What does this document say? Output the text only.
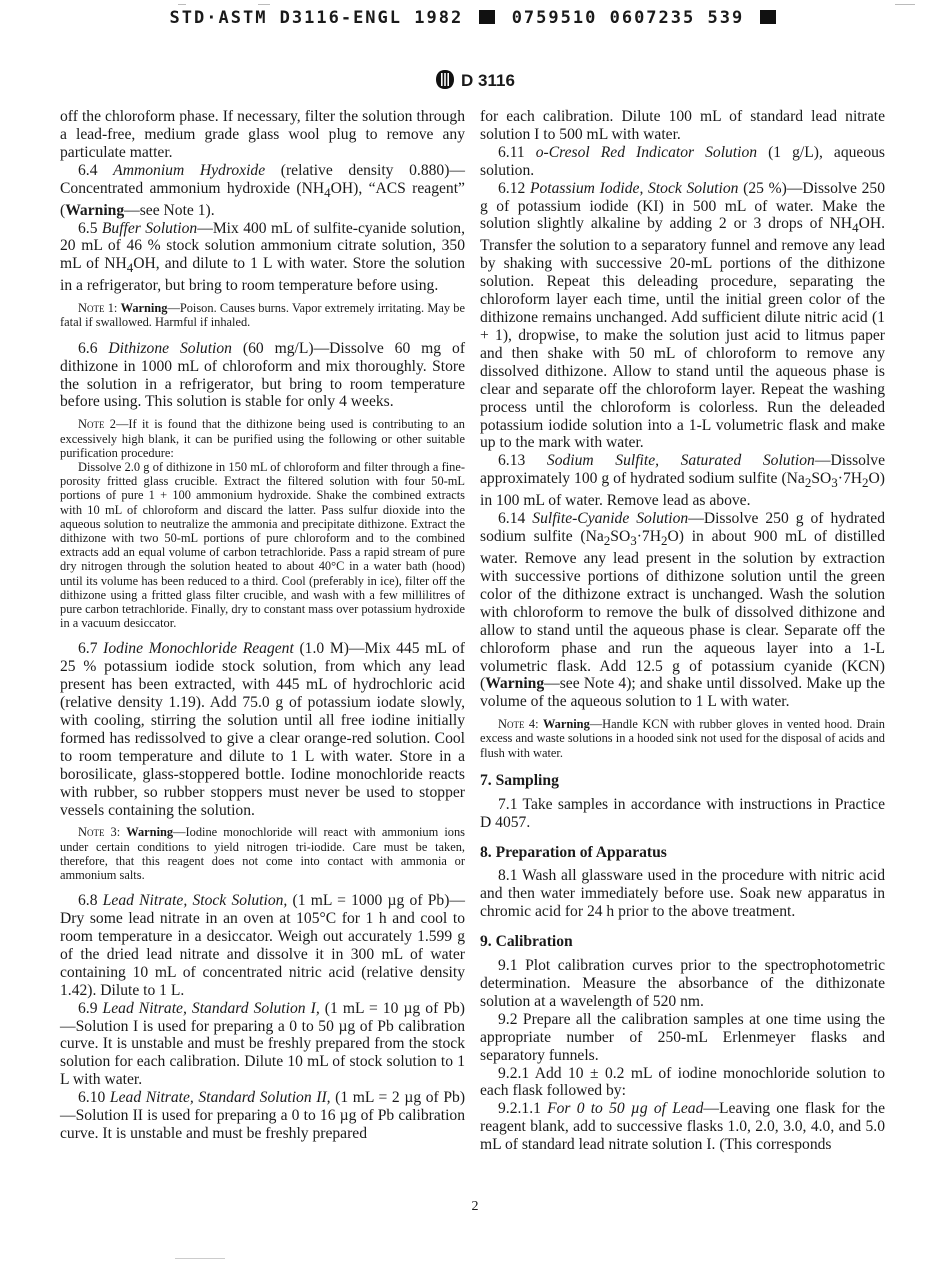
STD·ASTM D3116-ENGL 1982	0759510 0607235 539
D 3116

off the chloroform phase. If necessary, filter the solution through a lead-free, medium grade glass wool plug to remove any particulate matter.

6.4 Ammonium Hydroxide (relative density 0.880)—Concentrated ammonium hydroxide $(NH_4OH)$, “ACS reagent” (Warning—see Note 1).

6.5 Buffer Solution—Mix 400 mL of sulfite-cyanide solution, 20 mL of 46 % stock solution ammonium citrate solution, 350 mL of $NH_4OH$, and dilute to 1 L with water. Store the solution in a refrigerator, but bring to room temperature before using.

Note 1: Warning—Poison. Causes burns. Vapor extremely irritating. May be fatal if swallowed. Harmful if inhaled.

6.6 Dithizone Solution (60 mg/L)—Dissolve 60 mg of dithizone in 1000 mL of chloroform and mix thoroughly. Store the solution in a refrigerator, but bring to room temperature before using. This solution is stable for only 4 weeks.

Note 2—If it is found that the dithizone being used is contributing to an excessively high blank, it can be purified using the following or other suitable purification procedure:

Dissolve 2.0 g of dithizone in 150 mL of chloroform and filter through a fine-porosity fritted glass crucible. Extract the filtered solution with four 50-mL portions of pure 1 + 100 ammonium hydroxide. Shake the combined extracts with 10 mL of chloroform and discard the latter. Pass sulfur dioxide into the aqueous solution to neutralize the ammonia and precipitate dithizone. Extract the dithizone with two 50-mL portions of pure chloroform and to the combined extracts add an equal volume of carbon tetrachloride. Pass a rapid stream of pure dry nitrogen through the solution heated to about 40°C in a water bath (hood) until its volume has been reduced to a third. Cool (preferably in ice), filter off the dithizone using a fritted glass filter crucible, and wash with a few millilitres of pure carbon tetrachloride. Finally, dry to constant mass over potassium hydroxide in a vacuum desiccator.

6.7 Iodine Monochloride Reagent (1.0 M)—Mix 445 mL of 25 % potassium iodide stock solution, from which any lead present has been extracted, with 445 mL of hydrochloric acid (relative density 1.19). Add 75.0 g of potassium iodate slowly, with cooling, stirring the solution until all free iodine initially formed has redissolved to give a clear orange-red solution. Cool to room temperature and dilute to 1 L with water. Store in a borosilicate, glass-stoppered bottle. Iodine monochloride reacts with rubber, so rubber stoppers must never be used to stopper vessels containing the solution.

Note 3: Warning—Iodine monochloride will react with ammonium ions under certain conditions to yield nitrogen tri-iodide. Care must be taken, therefore, that this reagent does not come into contact with ammonia or ammonium salts.

6.8 Lead Nitrate, Stock Solution, (1 mL = 1000 µg of Pb)—Dry some lead nitrate in an oven at 105°C for 1 h and cool to room temperature in a desiccator. Weigh out accurately 1.599 g of the dried lead nitrate and dissolve it in 300 mL of water containing 10 mL of concentrated nitric acid (relative density 1.42). Dilute to 1 L.

6.9 Lead Nitrate, Standard Solution I, (1 mL = 10 µg of Pb)—Solution I is used for preparing a 0 to 50 µg of Pb calibration curve. It is unstable and must be freshly prepared from the stock solution for each calibration. Dilute 10 mL of stock solution to 1 L with water.

6.10 Lead Nitrate, Standard Solution II, (1 mL = 2 µg of Pb)—Solution II is used for preparing a 0 to 16 µg of Pb calibration curve. It is unstable and must be freshly prepared

for each calibration. Dilute 100 mL of standard lead nitrate solution I to 500 mL with water.

6.11 o-Cresol Red Indicator Solution (1 g/L), aqueous solution.

6.12 Potassium Iodide, Stock Solution (25 %)—Dissolve 250 g of potassium iodide (KI) in 500 mL of water. Make the solution slightly alkaline by adding 2 or 3 drops of $NH_4OH$. Transfer the solution to a separatory funnel and remove any lead by shaking with successive 20-mL portions of the dithizone solution. Repeat this deleading procedure, separating the chloroform layer each time, until the initial green color of the dithizone remains unchanged. Add sufficient dilute nitric acid (1 + 1), dropwise, to make the solution just acid to litmus paper and then shake with 50 mL of chloroform to remove any dissolved dithizone. Allow to stand until the aqueous phase is clear and separate off the chloroform layer. Repeat the washing process until the chloroform is colorless. Run the deleaded potassium iodide solution into a 1-L volumetric flask and make up to the mark with water.

6.13 Sodium Sulfite, Saturated Solution—Dissolve approximately 100 g of hydrated sodium sulfite $(Na_2SO_3\cdot 7H_2O)$ in 100 mL of water. Remove lead as above.

6.14 Sulfite-Cyanide Solution—Dissolve 250 g of hydrated sodium sulfite $(Na_2SO_3\cdot 7H_2O)$ in about 900 mL of distilled water. Remove any lead present in the solution by extraction with successive portions of dithizone solution until the green color of the dithizone extract is unchanged. Wash the solution with chloroform to remove the bulk of dissolved dithizone and allow to stand until the aqueous phase is clear. Separate off the chloroform phase and run the aqueous layer into a 1-L volumetric flask. Add 12.5 g of potassium cyanide (KCN) (Warning—see Note 4); and shake until dissolved. Make up the volume of the aqueous solution to 1 L with water.

Note 4: Warning—Handle KCN with rubber gloves in vented hood. Drain excess and waste solutions in a hooded sink not used for the disposal of acids and flush with water.

7. Sampling

7.1 Take samples in accordance with instructions in Practice D 4057.

8. Preparation of Apparatus

8.1 Wash all glassware used in the procedure with nitric acid and then water immediately before use. Soak new apparatus in chromic acid for 24 h prior to the above treatment.

9. Calibration

9.1 Plot calibration curves prior to the spectrophotometric determination. Measure the absorbance of the dithizonate solution at a wavelength of 520 nm.

9.2 Prepare all the calibration samples at one time using the appropriate number of 250-mL Erlenmeyer flasks and separatory funnels.

9.2.1 Add 10 ± 0.2 mL of iodine monochloride solution to each flask followed by:

9.2.1.1 For 0 to 50 µg of Lead—Leaving one flask for the reagent blank, add to successive flasks 1.0, 2.0, 3.0, 4.0, and 5.0 mL of standard lead nitrate solution I. (This corresponds

2
